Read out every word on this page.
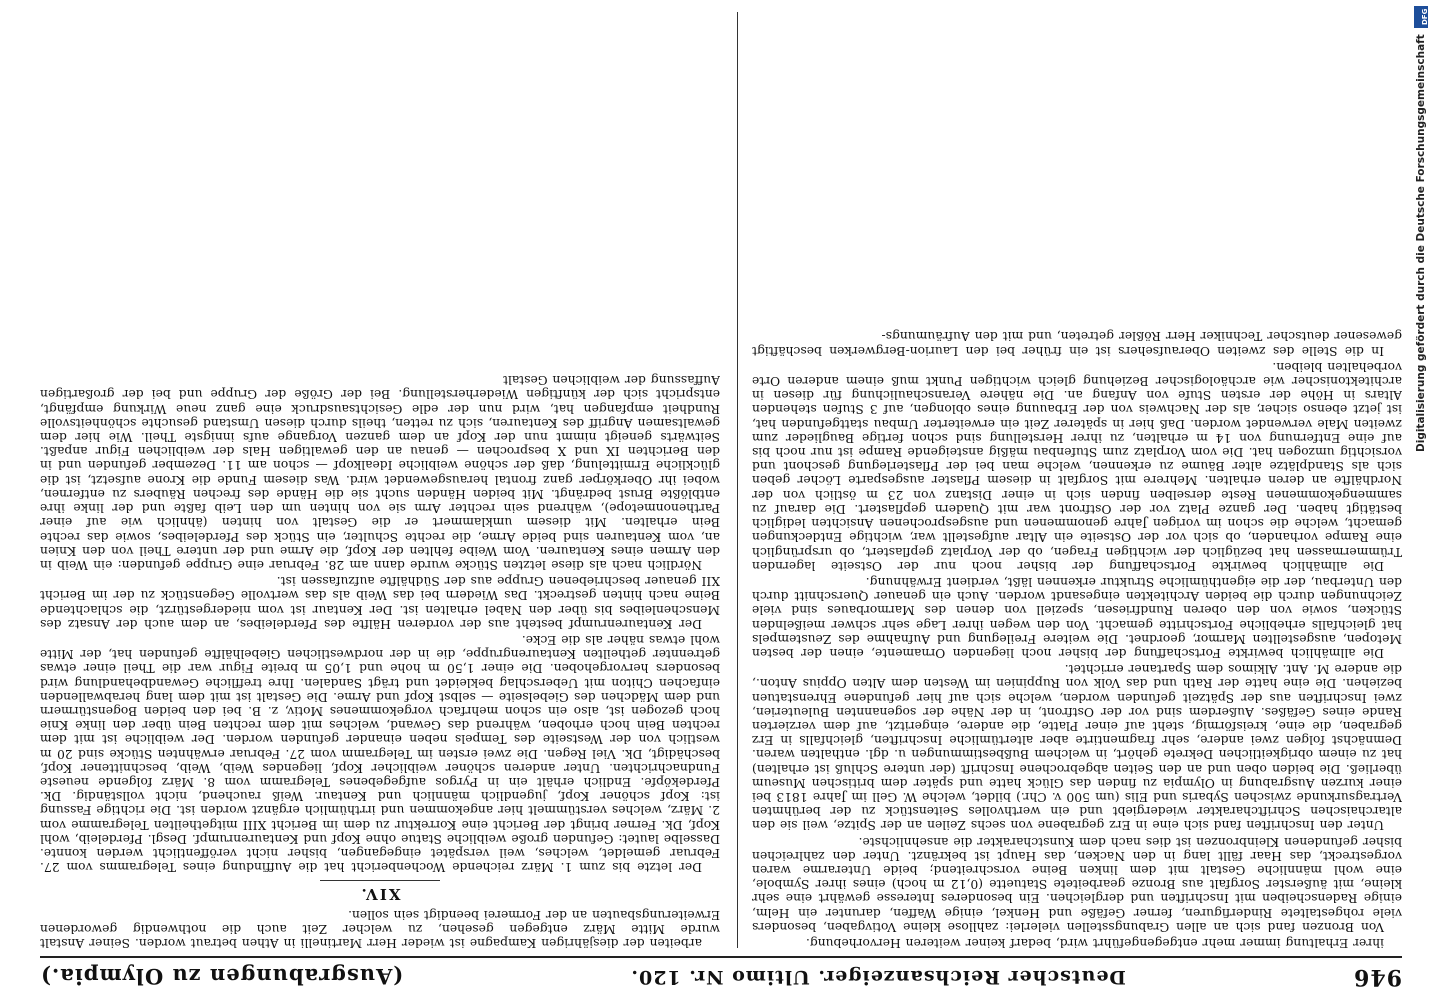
946
Deutscher Reichsanzeiger. Ultimo Nr. 120.
(Ausgrabungen zu Olympia.)

ihrer Erhaltung immer mehr entgegengeführt wird, bedarf keiner weiteren Hervorhebung.

Von Bronzen fand sich an allen Grabungsstellen vielerlei: zahllose kleine Votivgaben, besonders viele rohgestaltete Rinderfiguren, ferner Gefäße und Henkel, einige Waffen, darunter ein Helm, einige Radenscheiben mit Inschriften und dergleichen. Ein besonderes Interesse gewährt eine sehr kleine, mit äußerster Sorgfalt aus Bronze gearbeitete Statuette (0,12 m hoch) eines ihrer Symbole, eine wohl männliche Gestalt mit dem linken Beine vorschreitend; beide Unterarme waren vorgestreckt, das Haar fällt lang in den Nacken, das Haupt ist bekränzt. Unter den zahlreichen bisher gefundenen Kleinbronzen ist dies nach dem Kunstcharakter die ansehnlichste.

Unter den Inschriften fand sich eine in Erz gegrabene von sechs Zeilen an der Spitze, weil sie den altarchaischen Schriftcharakter wiedergiebt und ein werthvolles Seitenstück zu der berühmten Vertragsurkunde zwischen Sybaris und Elis (um 500 v. Chr.) bildet, welche W. Gell im Jahre 1813 bei einer kurzen Ausgrabung in Olympia zu finden das Glück hatte und später dem britischen Museum überließ. Die beiden oben und an den Seiten abgebrochene Inschrift (der untere Schluß ist erhalten) hat zu einem obrigkeitlichen Dekrete gehört, in welchem Bußbestimmungen u. dgl. enthalten waren. Demnächst folgen zwei andere, sehr fragmentirte aber altertümliche Inschriften, gleichfalls in Erz gegraben, die eine, kreisförmig, steht auf einer Platte, die andere, eingeritzt, auf dem verzierten Rande eines Gefäßes. Außerdem sind vor der Ostfront, in der Nähe der sogenannten Buleuterien, zwei Inschriften aus der Spätzeit gefunden worden, welche sich auf hier gefundene Ehrenstatuen beziehen. Die eine hatte der Rath und das Volk von Ruppinien im Westen dem Alten Oppius Anton., die andere M. Ant. Alkimos dem Spartaner errichtet.

Die allmählich bewirkte Fortschaffung der bisher noch liegenden Ornamente, einen der besten Metopen, ausgestellten Marmor, geordnet. Die weitere Freilegung und Aufnahme des Zeustempels hat gleichfalls erhebliche Fortschritte gemacht. Von den wegen ihrer Lage sehr schwer meißelnden Stücken, sowie von den oberen Rundfriesen, speziell von denen des Marmorbaues sind viele Zeichnungen durch die beiden Architekten eingesandt worden. Auch ein genauer Querschnitt durch den Unterbau, der die eigenthümliche Struktur erkennen läßt, verdient Erwähnung.

Die allmählich bewirkte Fortschaffung der bisher noch nur der Ostseite lagernden Trümmermassen hat bezüglich der wichtigen Fragen, ob der Vorplatz gepflastert, ob ursprünglich eine Rampe vorhanden, ob sich vor der Ostseite ein Altar aufgestellt war, wichtige Entdeckungen gemacht, welche die schon im vorigen Jahre genommenen und ausgesprochenen Ansichten lediglich bestätigt haben. Der ganze Platz vor der Ostfront war mit Quadern gepflastert. Die darauf zu sammengekommenen Reste derselben finden sich in einer Distanz von 23 m östlich von der Nordhälfte an deren erhalten. Mehrere mit Sorgfalt in diesem Pflaster ausgesparte Löcher geben sich als Standplätze alter Bäume zu erkennen, welche man bei der Pflasterlegung geschont und vorsichtig umzogen hat. Die vom Vorplatz zum Stufenbau mäßig ansteigende Rampe ist nur noch bis auf eine Entfernung von 14 m erhalten, zu ihrer Herstellung sind schon fertige Bauglieder zum zweiten Male verwendet worden. Daß hier in späterer Zeit ein erweiterter Umbau stattgefunden hat, ist jetzt ebenso sicher, als der Nachweis von der Erbauung eines oblongen, auf 3 Stufen stehenden Altars in Höhe der ersten Stufe von Anfang an. Die nähere Veranschaulichung für diesen in architektonischer wie archäologischer Beziehung gleich wichtigen Punkt muß einem anderen Orte vorbehalten bleiben.

In die Stelle des zweiten Oberaufsehers ist ein früher bei den Laurion-Bergwerken beschäftigt gewesener deutscher Techniker Herr Rößler getreten, und mit den Aufräumungs-

arbeiten der diesjährigen Kampagne ist wieder Herr Martinelli in Athen betraut worden. Seiner Anstalt wurde Mitte März entgegen gesehen, zu welcher Zeit auch die nothwendig gewordenen Erweiterungsbauten an der Formerei beendigt sein sollen.

XIV.

Der letzte bis zum 1. März reichende Wochenbericht hat die Auffindung eines Telegramms vom 27. Februar gemeldet, welches, weil verspätet eingegangen, bisher nicht veröffentlicht werden konnte. Dasselbe lautet: Gefunden große weibliche Statue ohne Kopf und Kentaurenrumpf. Desgl. Pferdeleib, wohl Kopf, Dk. Ferner bringt der Bericht eine Korrektur zu dem im Bericht XIII mitgetheilten Telegramme vom 2. März, welches verstümmelt hier angekommen und irrthümlich ergänzt worden ist. Die richtige Fassung ist: Kopf schöner Kopf, jugendlich männlich und Kentaur. Weiß rauchend, nicht vollständig. Dk. Pferdeköpfe. Endlich erhält ein in Pyrgos aufgegebenes Telegramm vom 8. März folgende neueste Fundnachrichten. Unter anderen schöner weiblicher Kopf, liegendes Weib, Weib, beschnittener Kopf, beschädigt, Dk. Viel Regen. Die zwei ersten im Telegramm vom 27. Februar erwähnten Stücke sind 20 m westlich von der Westseite des Tempels neben einander gefunden worden. Der weibliche ist mit dem rechten Bein hoch erhoben, während das Gewand, welches mit dem rechten Bein über den linke Knie hoch gezogen ist, also ein schon mehrfach vorgekommenes Motiv, z. B. bei den beiden Bogenstürmern und dem Mädchen des Giebelseite — selbst Kopf und Arme. Die Gestalt ist mit dem lang herabwallenden einfachen Chiton mit Ueberschlag bekleidet und trägt Sandalen. Ihre treffliche Gewandbehandlung wird besonders hervorgehoben. Die einer 1,50 m hohe und 1,05 m breite Figur war die Theil einer etwas getrennter getheilten Kentaurengruppe, die in der nordwestlichen Giebelhälfte gefunden hat, der Mitte wohl etwas näher als die Ecke.

Der Kentaurenrumpf besteht aus der vorderen Hälfte des Pferdeleibes, an dem auch der Ansatz des Menschenleibes bis über den Nabel erhalten ist. Der Kentaur ist vom niedergestürzt, die schlachtende Beine nach hinten gestreckt. Das Wiedern bei das Weib als das wertvolle Gegenstück zu der im Bericht XII genauer beschriebenen Gruppe aus der Südhälfte aufzufassen ist.

Nördlich nach als diese letzten Stücke wurde dann am 28. Februar eine Gruppe gefunden: ein Weib in den Armen eines Kentauren. Vom Weibe fehlten der Kopf, die Arme und der untere Theil von den Knien an, vom Kentauren sind beide Arme, die rechte Schulter, ein Stück des Pferdeleibes, sowie das rechte Bein erhalten. Mit diesem umklammert er die Gestalt von hinten (ähnlich wie auf einer Parthenonmetope), während sein rechter Arm sie von hinten um den Leib faßte und der linke ihre entblößte Brust bedrängt. Mit beiden Händen sucht sie die Hände des frechen Räubers zu entfernen, wobei ihr Oberkörper ganz frontal herausgewendet wird. Was diesem Funde die Krone aufsetzt, ist die glückliche Ermittelung, daß der schöne weibliche Idealkopf — schon am 11. Dezember gefunden und in den Berichten IX und X besprochen — genau an den gewaltigen Hals der weiblichen Figur anpaßt. Seitwärts geneigt nimmt nun der Kopf an dem ganzen Vorgange aufs innigste Theil. Wie hier dem gewaltsamen Angriff des Kentauren, sich zu retten, theils durch diesen Umstand gesuchte schönheitsvolle Rundheit empfangen hat, wird nun der edle Gesichtsausdruck eine ganz neue Wirkung empfängt, entspricht sich der künftigen Wiederherstellung. Bei der Größe der Gruppe und bei der großartigen Auffassung der weiblichen Gestalt	Digitalisierung gefördert durch die Deutsche Forschungsgemeinschaft
DFG
